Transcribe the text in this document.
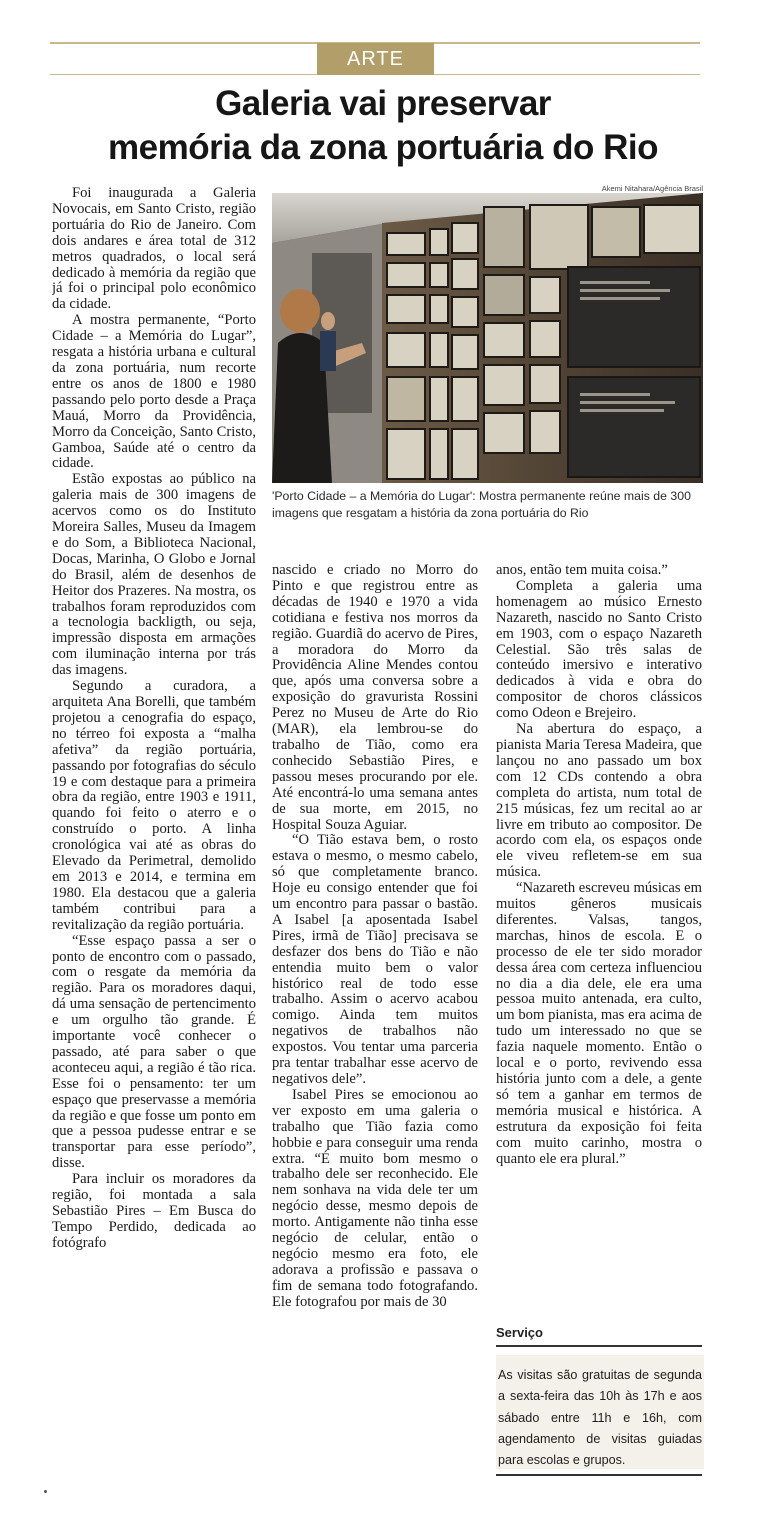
ARTE
Galeria vai preservar
memória da zona portuária do Rio

Foi inaugurada a Galeria Novocais, em Santo Cristo, região portuária do Rio de Janeiro. Com dois andares e área total de 312 metros quadrados, o local será dedicado à memória da região que já foi o principal polo econômico da cidade.

A mostra permanente, “Porto Cidade – a Memória do Lugar”, resgata a história urbana e cultural da zona portuária, num recorte entre os anos de 1800 e 1980 passando pelo porto desde a Praça Mauá, Morro da Providência, Morro da Conceição, Santo Cristo, Gamboa, Saúde até o centro da cidade.

Estão expostas ao público na galeria mais de 300 imagens de acervos como os do Instituto Moreira Salles, Museu da Imagem e do Som, a Biblioteca Nacional, Docas, Marinha, O Globo e Jornal do Brasil, além de desenhos de Heitor dos Prazeres. Na mostra, os trabalhos foram reproduzidos com a tecnologia backligth, ou seja, impressão disposta em armações com iluminação interna por trás das imagens.

Segundo a curadora, a arquiteta Ana Borelli, que também projetou a cenografia do espaço, no térreo foi exposta a “malha afetiva” da região portuária, passando por fotografias do século 19 e com destaque para a primeira obra da região, entre 1903 e 1911, quando foi feito o aterro e o construído o porto. A linha cronológica vai até as obras do Elevado da Perimetral, demolido em 2013 e 2014, e termina em 1980. Ela destacou que a galeria também contribui para a revitalização da região portuária.

“Esse espaço passa a ser o ponto de encontro com o passado, com o resgate da memória da região. Para os moradores daqui, dá uma sensação de pertencimento e um orgulho tão grande. É importante você conhecer o passado, até para saber o que aconteceu aqui, a região é tão rica. Esse foi o pensamento: ter um espaço que preservasse a memória da região e que fosse um ponto em que a pessoa pudesse entrar e se transportar para esse período”, disse.

Para incluir os moradores da região, foi montada a sala Sebastião Pires – Em Busca do Tempo Perdido, dedicada ao fotógrafo

Akemi Nitahara/Agência Brasil
'Porto Cidade – a Memória do Lugar': Mostra permanente reúne mais de 300 imagens que resgatam a história da zona portuária do Rio

nascido e criado no Morro do Pinto e que registrou entre as décadas de 1940 e 1970 a vida cotidiana e festiva nos morros da região. Guardiã do acervo de Pires, a moradora do Morro da Providência Aline Mendes contou que, após uma conversa sobre a exposição do gravurista Rossini Perez no Museu de Arte do Rio (MAR), ela lembrou-se do trabalho de Tião, como era conhecido Sebastião Pires, e passou meses procurando por ele. Até encontrá-lo uma semana antes de sua morte, em 2015, no Hospital Souza Aguiar.

“O Tião estava bem, o rosto estava o mesmo, o mesmo cabelo, só que completamente branco. Hoje eu consigo entender que foi um encontro para passar o bastão. A Isabel [a aposentada Isabel Pires, irmã de Tião] precisava se desfazer dos bens do Tião e não entendia muito bem o valor histórico real de todo esse trabalho. Assim o acervo acabou comigo. Ainda tem muitos negativos de trabalhos não expostos. Vou tentar uma parceria pra tentar trabalhar esse acervo de negativos dele”.

Isabel Pires se emocionou ao ver exposto em uma galeria o trabalho que Tião fazia como hobbie e para conseguir uma renda extra. “É muito bom mesmo o trabalho dele ser reconhecido. Ele nem sonhava na vida dele ter um negócio desse, mesmo depois de morto. Antigamente não tinha esse negócio de celular, então o negócio mesmo era foto, ele adorava a profissão e passava o fim de semana todo fotografando. Ele fotografou por mais de 30

anos, então tem muita coisa.”

Completa a galeria uma homenagem ao músico Ernesto Nazareth, nascido no Santo Cristo em 1903, com o espaço Nazareth Celestial. São três salas de conteúdo imersivo e interativo dedicados à vida e obra do compositor de choros clássicos como Odeon e Brejeiro.

Na abertura do espaço, a pianista Maria Teresa Madeira, que lançou no ano passado um box com 12 CDs contendo a obra completa do artista, num total de 215 músicas, fez um recital ao ar livre em tributo ao compositor. De acordo com ela, os espaços onde ele viveu refletem-se em sua música.

“Nazareth escreveu músicas em muitos gêneros musicais diferentes. Valsas, tangos, marchas, hinos de escola. E o processo de ele ter sido morador dessa área com certeza influenciou no dia a dia dele, ele era uma pessoa muito antenada, era culto, um bom pianista, mas era acima de tudo um interessado no que se fazia naquele momento. Então o local e o porto, revivendo essa história junto com a dele, a gente só tem a ganhar em termos de memória musical e histórica. A estrutura da exposição foi feita com muito carinho, mostra o quanto ele era plural.”

Serviço
As visitas são gratuitas de segunda a sexta-feira das 10h às 17h e aos sábado entre 11h e 16h, com agendamento de visitas guiadas para escolas e grupos.
